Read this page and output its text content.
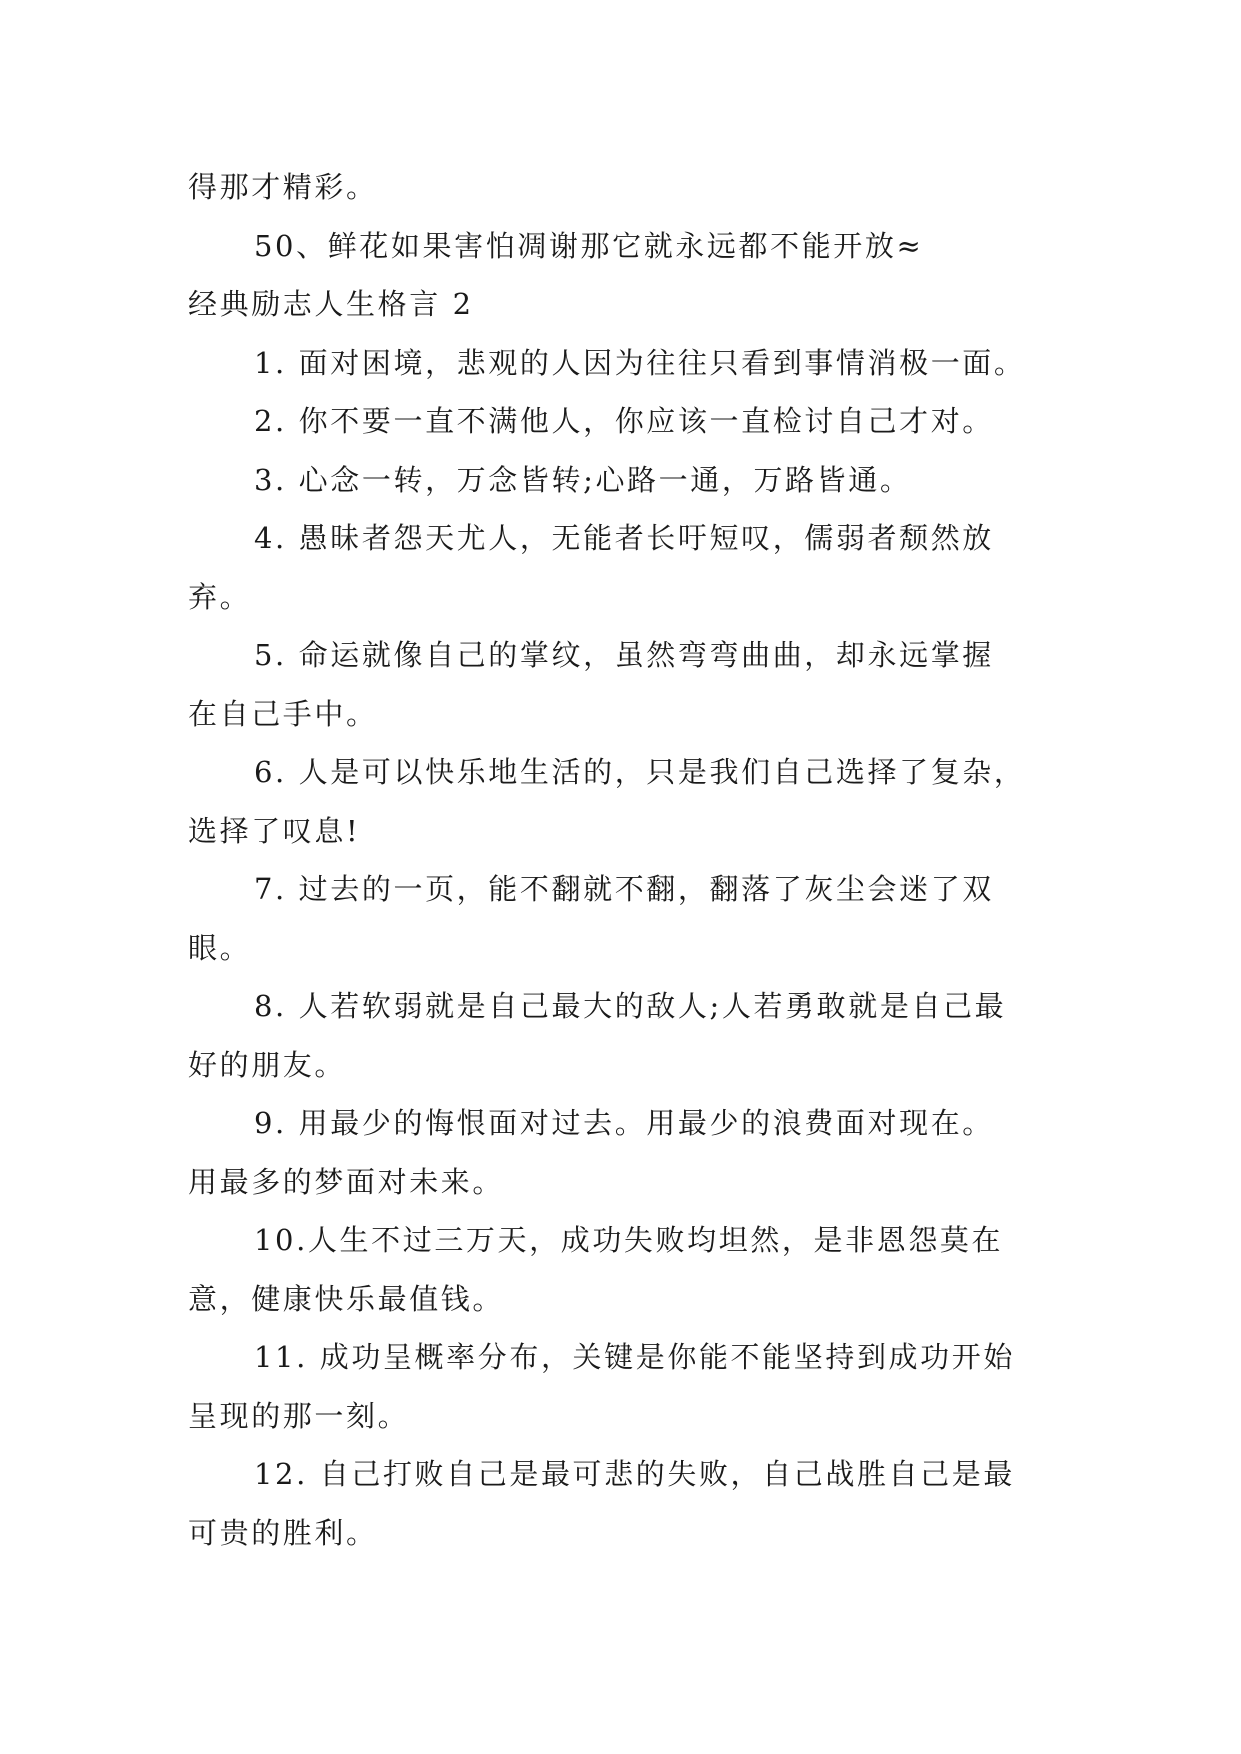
得那才精彩。
50、鲜花如果害怕凋谢那它就永远都不能开放≈
经典励志人生格言 2
1. 面对困境，悲观的人因为往往只看到事情消极一面。
2. 你不要一直不满他人，你应该一直检讨自己才对。
3. 心念一转，万念皆转;心路一通，万路皆通。
4. 愚昧者怨天尤人，无能者长吁短叹，儒弱者颓然放
弃。
5. 命运就像自己的掌纹，虽然弯弯曲曲，却永远掌握
在自己手中。
6. 人是可以快乐地生活的，只是我们自己选择了复杂，
选择了叹息!
7. 过去的一页，能不翻就不翻，翻落了灰尘会迷了双
眼。
8. 人若软弱就是自己最大的敌人;人若勇敢就是自己最
好的朋友。
9. 用最少的悔恨面对过去。用最少的浪费面对现在。
用最多的梦面对未来。
10.人生不过三万天，成功失败均坦然，是非恩怨莫在
意，健康快乐最值钱。
11. 成功呈概率分布，关键是你能不能坚持到成功开始
呈现的那一刻。
12. 自己打败自己是最可悲的失败，自己战胜自己是最
可贵的胜利。
